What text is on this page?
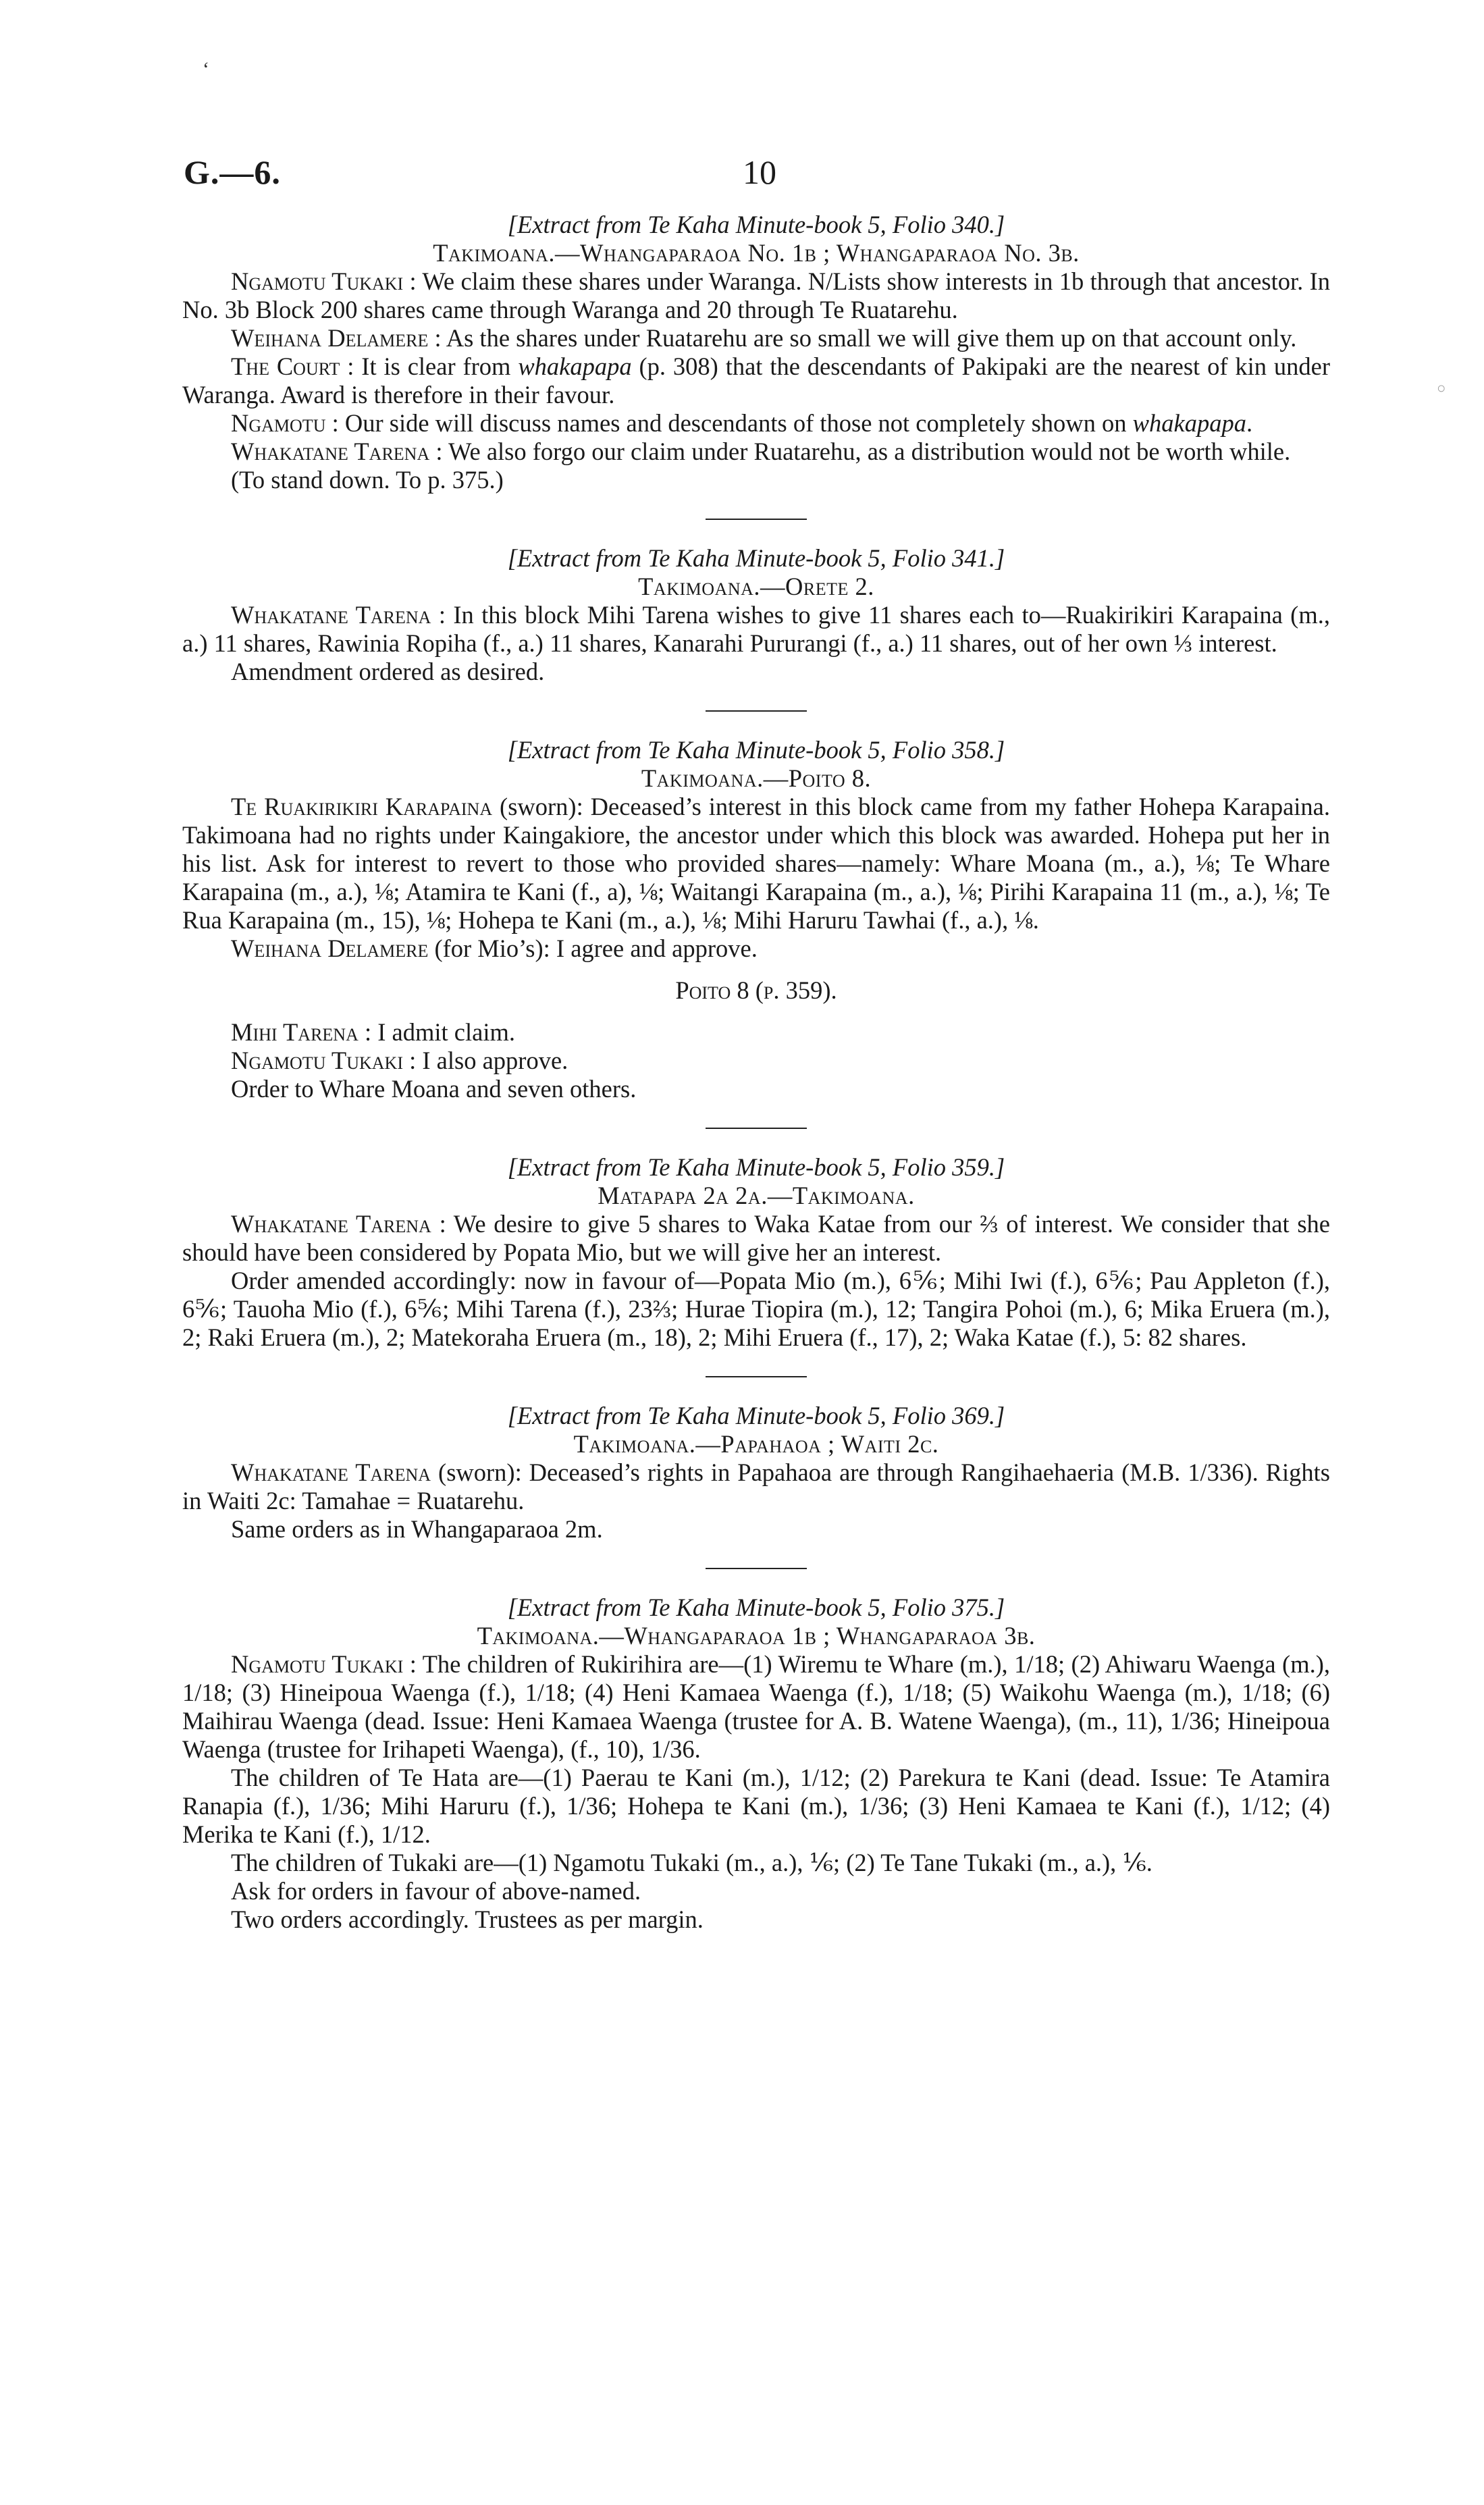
‘
○
G.—6.	10
[Extract from Te Kaha Minute-book 5, Folio 340.]
Takimoana.—Whangaparaoa No. 1b ; Whangaparaoa No. 3b.

Ngamotu Tukaki : We claim these shares under Waranga. N/Lists show interests in 1b through that ancestor. In No. 3b Block 200 shares came through Waranga and 20 through Te Ruatarehu.

Weihana Delamere : As the shares under Ruatarehu are so small we will give them up on that account only.

The Court : It is clear from whakapapa (p. 308) that the descendants of Pakipaki are the nearest of kin under Waranga. Award is therefore in their favour.

Ngamotu : Our side will discuss names and descendants of those not completely shown on whakapapa.

Whakatane Tarena : We also forgo our claim under Ruatarehu, as a distribution would not be worth while.

(To stand down. To p. 375.)

[Extract from Te Kaha Minute-book 5, Folio 341.]
Takimoana.—Orete 2.

Whakatane Tarena : In this block Mihi Tarena wishes to give 11 shares each to—Ruakirikiri Karapaina (m., a.) 11 shares, Rawinia Ropiha (f., a.) 11 shares, Kanarahi Pururangi (f., a.) 11 shares, out of her own ⅓ interest.

Amendment ordered as desired.

[Extract from Te Kaha Minute-book 5, Folio 358.]
Takimoana.—Poito 8.

Te Ruakirikiri Karapaina (sworn): Deceased’s interest in this block came from my father Hohepa Karapaina. Takimoana had no rights under Kaingakiore, the ancestor under which this block was awarded. Hohepa put her in his list. Ask for interest to revert to those who provided shares—namely: Whare Moana (m., a.), ⅛; Te Whare Karapaina (m., a.), ⅛; Atamira te Kani (f., a), ⅛; Waitangi Karapaina (m., a.), ⅛; Pirihi Karapaina 11 (m., a.), ⅛; Te Rua Karapaina (m., 15), ⅛; Hohepa te Kani (m., a.), ⅛; Mihi Haruru Tawhai (f., a.), ⅛.

Weihana Delamere (for Mio’s): I agree and approve.

Poito 8 (p. 359).

Mihi Tarena : I admit claim.

Ngamotu Tukaki : I also approve.

Order to Whare Moana and seven others.

[Extract from Te Kaha Minute-book 5, Folio 359.]
Matapapa 2a 2a.—Takimoana.

Whakatane Tarena : We desire to give 5 shares to Waka Katae from our ⅔ of interest. We consider that she should have been considered by Popata Mio, but we will give her an interest.

Order amended accordingly: now in favour of—Popata Mio (m.), 6⅚; Mihi Iwi (f.), 6⅚; Pau Appleton (f.), 6⅚; Tauoha Mio (f.), 6⅚; Mihi Tarena (f.), 23⅔; Hurae Tiopira (m.), 12; Tangira Pohoi (m.), 6; Mika Eruera (m.), 2; Raki Eruera (m.), 2; Matekoraha Eruera (m., 18), 2; Mihi Eruera (f., 17), 2; Waka Katae (f.), 5: 82 shares.

[Extract from Te Kaha Minute-book 5, Folio 369.]
Takimoana.—Papahaoa ; Waiti 2c.

Whakatane Tarena (sworn): Deceased’s rights in Papahaoa are through Rangihaehaeria (M.B. 1/336). Rights in Waiti 2c: Tamahae = Ruatarehu.

Same orders as in Whangaparaoa 2m.

[Extract from Te Kaha Minute-book 5, Folio 375.]
Takimoana.—Whangaparaoa 1b ; Whangaparaoa 3b.

Ngamotu Tukaki : The children of Rukirihira are—(1) Wiremu te Whare (m.), 1/18; (2) Ahiwaru Waenga (m.), 1/18; (3) Hineipoua Waenga (f.), 1/18; (4) Heni Kamaea Waenga (f.), 1/18; (5) Waikohu Waenga (m.), 1/18; (6) Maihirau Waenga (dead. Issue: Heni Kamaea Waenga (trustee for A. B. Watene Waenga), (m., 11), 1/36; Hineipoua Waenga (trustee for Irihapeti Waenga), (f., 10), 1/36.

The children of Te Hata are—(1) Paerau te Kani (m.), 1/12; (2) Parekura te Kani (dead. Issue: Te Atamira Ranapia (f.), 1/36; Mihi Haruru (f.), 1/36; Hohepa te Kani (m.), 1/36; (3) Heni Kamaea te Kani (f.), 1/12; (4) Merika te Kani (f.), 1/12.

The children of Tukaki are—(1) Ngamotu Tukaki (m., a.), ⅙; (2) Te Tane Tukaki (m., a.), ⅙.

Ask for orders in favour of above-named.

Two orders accordingly. Trustees as per margin.
